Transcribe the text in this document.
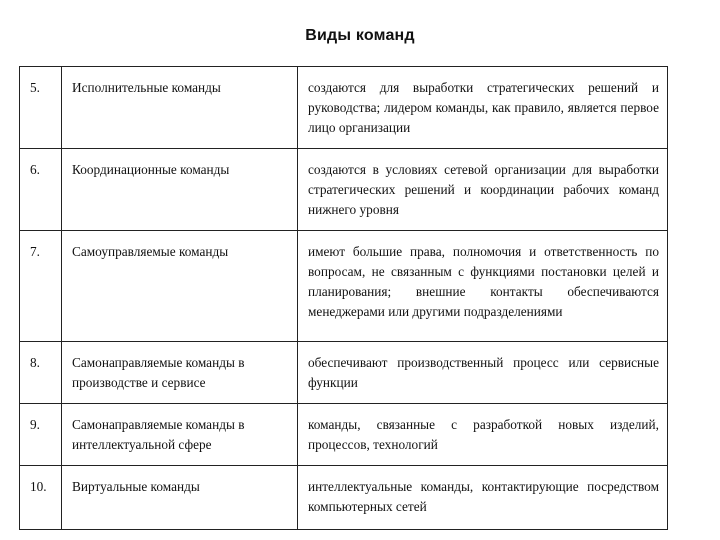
Виды команд
5.	Исполнительные команды	создаются для выработки стратегических решений и руководства; лидером команды, как правило, является первое лицо организации
6.	Координационные команды	создаются в условиях сетевой организации для выработки стратегических решений и координации рабочих команд нижнего уровня
7.	Самоуправляемые команды	имеют большие права, полномочия и ответственность по вопросам, не связанным с функциями постановки целей и планирования; внешние контакты обеспечиваются менеджерами или другими подразделениями
8.	Самонаправляемые команды в производстве и сервисе	обеспечивают производственный процесс или сервисные функции
9.	Самонаправляемые команды в интеллектуальной сфере	команды, связанные с разработкой новых изделий, процессов, технологий
10.	Виртуальные команды	интеллектуальные команды, контактирующие посредством компьютерных сетей
